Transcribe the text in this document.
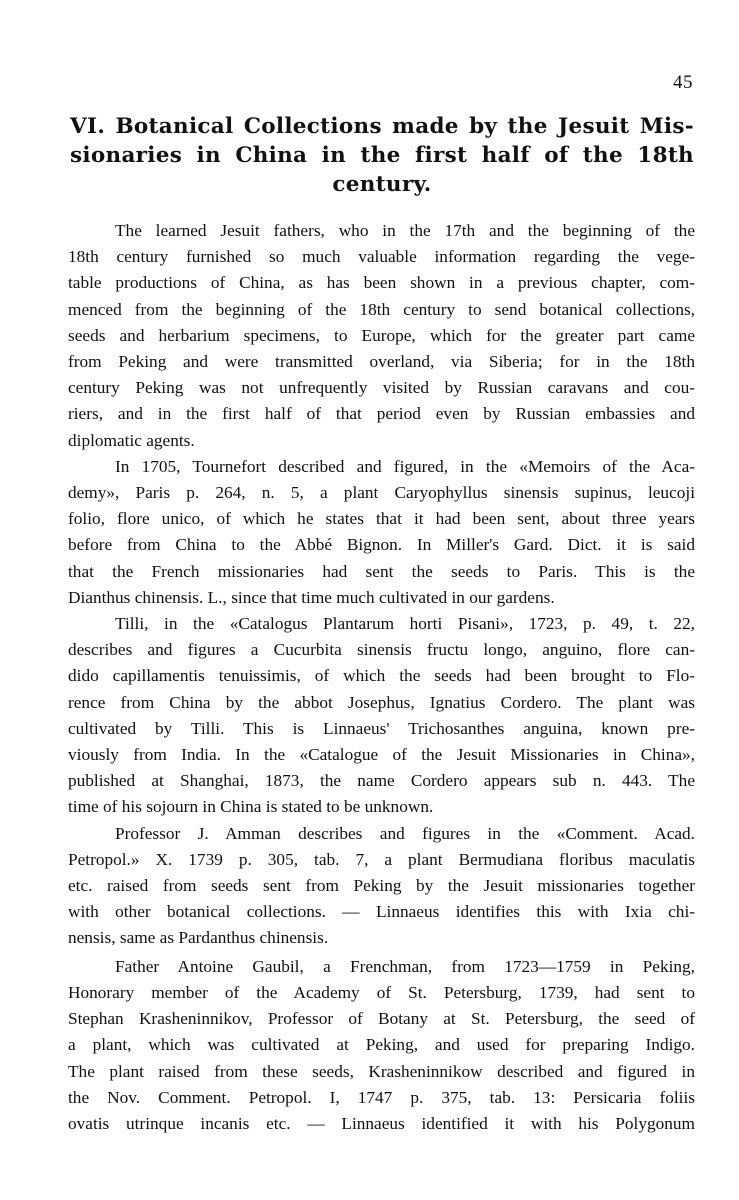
45
VI. Botanical Collections made by the Jesuit Mis-
sionaries in China in the first half of the 18th
century.
The learned Jesuit fathers, who in the 17th and the beginning of the
18th century furnished so much valuable information regarding the vege-
table productions of China, as has been shown in a previous chapter, com-
menced from the beginning of the 18th century to send botanical collections,
seeds and herbarium specimens, to Europe, which for the greater part came
from Peking and were transmitted overland, via Siberia; for in the 18th
century Peking was not unfrequently visited by Russian caravans and cou-
riers, and in the first half of that period even by Russian embassies and
diplomatic agents.
In 1705, Tournefort described and figured, in the «Memoirs of the Aca-
demy», Paris p. 264, n. 5, a plant Caryophyllus sinensis supinus, leucoji
folio, flore unico, of which he states that it had been sent, about three years
before from China to the Abbé Bignon. In Miller's Gard. Dict. it is said
that the French missionaries had sent the seeds to Paris. This is the
Dianthus chinensis. L., since that time much cultivated in our gardens.
Tilli, in the «Catalogus Plantarum horti Pisani», 1723, p. 49, t. 22,
describes and figures a Cucurbita sinensis fructu longo, anguino, flore can-
dido capillamentis tenuissimis, of which the seeds had been brought to Flo-
rence from China by the abbot Josephus, Ignatius Cordero. The plant was
cultivated by Tilli. This is Linnaeus' Trichosanthes anguina, known pre-
viously from India. In the «Catalogue of the Jesuit Missionaries in China»,
published at Shanghai, 1873, the name Cordero appears sub n. 443. The
time of his sojourn in China is stated to be unknown.
Professor J. Amman describes and figures in the «Comment. Acad.
Petropol.» X. 1739 p. 305, tab. 7, a plant Bermudiana floribus maculatis
etc. raised from seeds sent from Peking by the Jesuit missionaries together
with other botanical collections. — Linnaeus identifies this with Ixia chi-
nensis, same as Pardanthus chinensis.
Father Antoine Gaubil, a Frenchman, from 1723—1759 in Peking,
Honorary member of the Academy of St. Petersburg, 1739, had sent to
Stephan Krasheninnikov, Professor of Botany at St. Petersburg, the seed of
a plant, which was cultivated at Peking, and used for preparing Indigo.
The plant raised from these seeds, Krasheninnikow described and figured in
the Nov. Comment. Petropol. I, 1747 p. 375, tab. 13: Persicaria foliis
ovatis utrinque incanis etc. — Linnaeus identified it with his Polygonum
